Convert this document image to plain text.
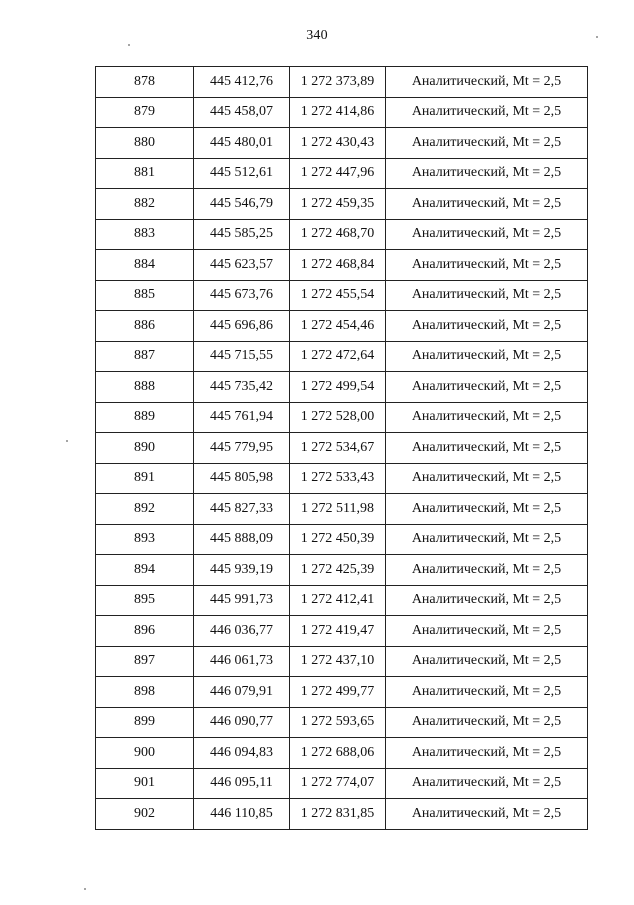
340
878	445 412,76	1 272 373,89	Аналитический, Mt = 2,5
879	445 458,07	1 272 414,86	Аналитический, Mt = 2,5
880	445 480,01	1 272 430,43	Аналитический, Mt = 2,5
881	445 512,61	1 272 447,96	Аналитический, Mt = 2,5
882	445 546,79	1 272 459,35	Аналитический, Mt = 2,5
883	445 585,25	1 272 468,70	Аналитический, Mt = 2,5
884	445 623,57	1 272 468,84	Аналитический, Mt = 2,5
885	445 673,76	1 272 455,54	Аналитический, Mt = 2,5
886	445 696,86	1 272 454,46	Аналитический, Mt = 2,5
887	445 715,55	1 272 472,64	Аналитический, Mt = 2,5
888	445 735,42	1 272 499,54	Аналитический, Mt = 2,5
889	445 761,94	1 272 528,00	Аналитический, Mt = 2,5
890	445 779,95	1 272 534,67	Аналитический, Mt = 2,5
891	445 805,98	1 272 533,43	Аналитический, Mt = 2,5
892	445 827,33	1 272 511,98	Аналитический, Mt = 2,5
893	445 888,09	1 272 450,39	Аналитический, Mt = 2,5
894	445 939,19	1 272 425,39	Аналитический, Mt = 2,5
895	445 991,73	1 272 412,41	Аналитический, Mt = 2,5
896	446 036,77	1 272 419,47	Аналитический, Mt = 2,5
897	446 061,73	1 272 437,10	Аналитический, Mt = 2,5
898	446 079,91	1 272 499,77	Аналитический, Mt = 2,5
899	446 090,77	1 272 593,65	Аналитический, Mt = 2,5
900	446 094,83	1 272 688,06	Аналитический, Mt = 2,5
901	446 095,11	1 272 774,07	Аналитический, Mt = 2,5
902	446 110,85	1 272 831,85	Аналитический, Mt = 2,5
